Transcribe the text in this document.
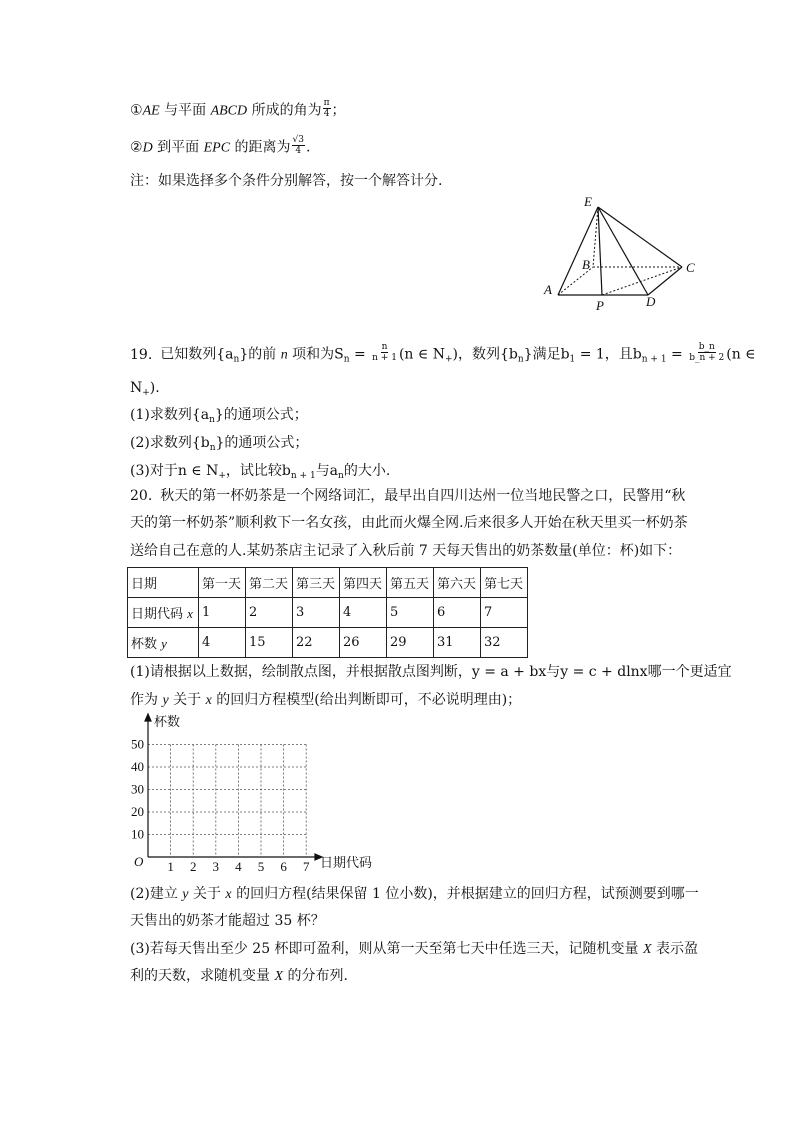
①AE 与平面 ABCD 所成的角为 $\frac{\pi}{4}$ ；
②D 到平面 EPC 的距离为 $\frac{√3}{4}$ .
注：如果选择多个条件分别解答，按一个解答计分.
E
B	C
A
P	D
19. 已知数列$\{a_n\}$的前 n 项和为$S_n = \frac{n}{n + 1} (n$ ∈ $N_+$)，数列$\{b_n\}$满足$b_1 = 1$，且$b_{n + 1} = \frac{b\_n}{b\_n + 2} (n$ ∈
$N_+$).
(1)求数列$\{a_n\}$的通项公式；
(2)求数列$\{b_n\}$的通项公式；
(3)对于n ∈ $N_+$，试比较$b_{n + 1}$与$a_n$的大小.
20. 秋天的第一杯奶茶是一个网络词汇，最早出自四川达州一位当地民警之口，民警用“秋
天的第一杯奶茶”顺利救下一名女孩，由此而火爆全网.后来很多人开始在秋天里买一杯奶茶
送给自己在意的人.某奶茶店主记录了入秋后前 7 天每天售出的奶茶数量(单位：杯)如下：
日期	第一天	第二天	第三天	第四天	第五天	第六天	第七天
日期代码 x	1	2	3	4	5	6	7
杯数 y	4	15	22	26	29	31	32
(1)请根据以上数据，绘制散点图，并根据散点图判断，y = a + bx与y = c + dlnx哪一个更适宜
作为 y 关于 x 的回归方程模型(给出判断即可，不必说明理由)；
10
20
30
40
50
1 2 3 4 5 6 7
杯数
日期代码
O
(2)建立 y 关于 x 的回归方程(结果保留 1 位小数)，并根据建立的回归方程，试预测要到哪一
天售出的奶茶才能超过 35 杯？
(3)若每天售出至少 25 杯即可盈利，则从第一天至第七天中任选三天，记随机变量 X 表示盈
利的天数，求随机变量 X 的分布列.
